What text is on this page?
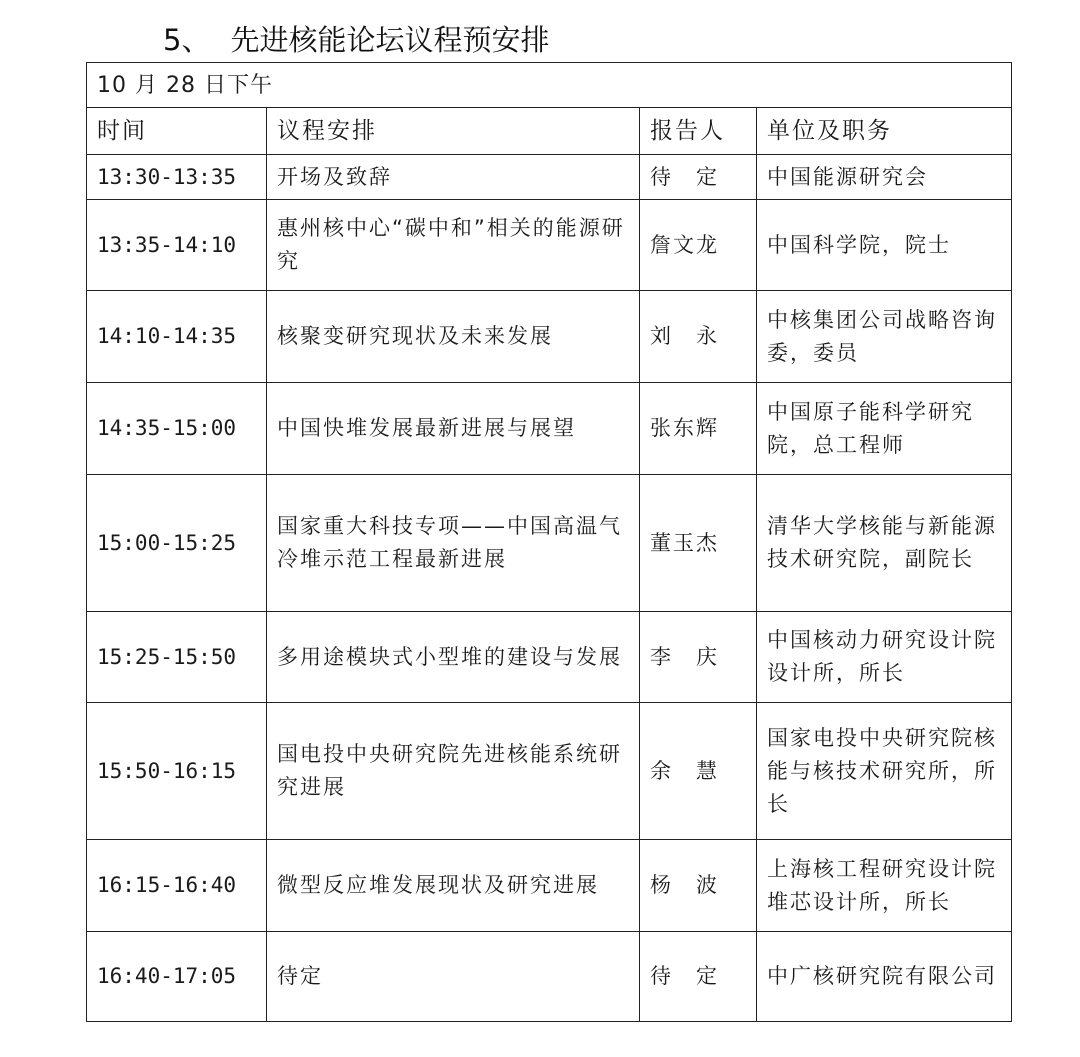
5、 先进核能论坛议程预安排
10 月 28 日下午			
时间	议程安排	报告人	单位及职务
13:30-13:35	开场及致辞	待　定	中国能源研究会
13:35-14:10	惠州核中心“碳中和”相关的能源研究	詹文龙	中国科学院，院士
14:10-14:35	核聚变研究现状及未来发展	刘　永	中核集团公司战略咨询委，委员
14:35-15:00	中国快堆发展最新进展与展望	张东辉	中国原子能科学研究院，总工程师
15:00-15:25	国家重大科技专项——中国高温气冷堆示范工程最新进展	董玉杰	清华大学核能与新能源技术研究院，副院长
15:25-15:50	多用途模块式小型堆的建设与发展	李　庆	中国核动力研究设计院设计所，所长
15:50-16:15	国电投中央研究院先进核能系统研究进展	余　慧	国家电投中央研究院核能与核技术研究所，所长
16:15-16:40	微型反应堆发展现状及研究进展	杨　波	上海核工程研究设计院堆芯设计所，所长
16:40-17:05	待定	待　定	中广核研究院有限公司
